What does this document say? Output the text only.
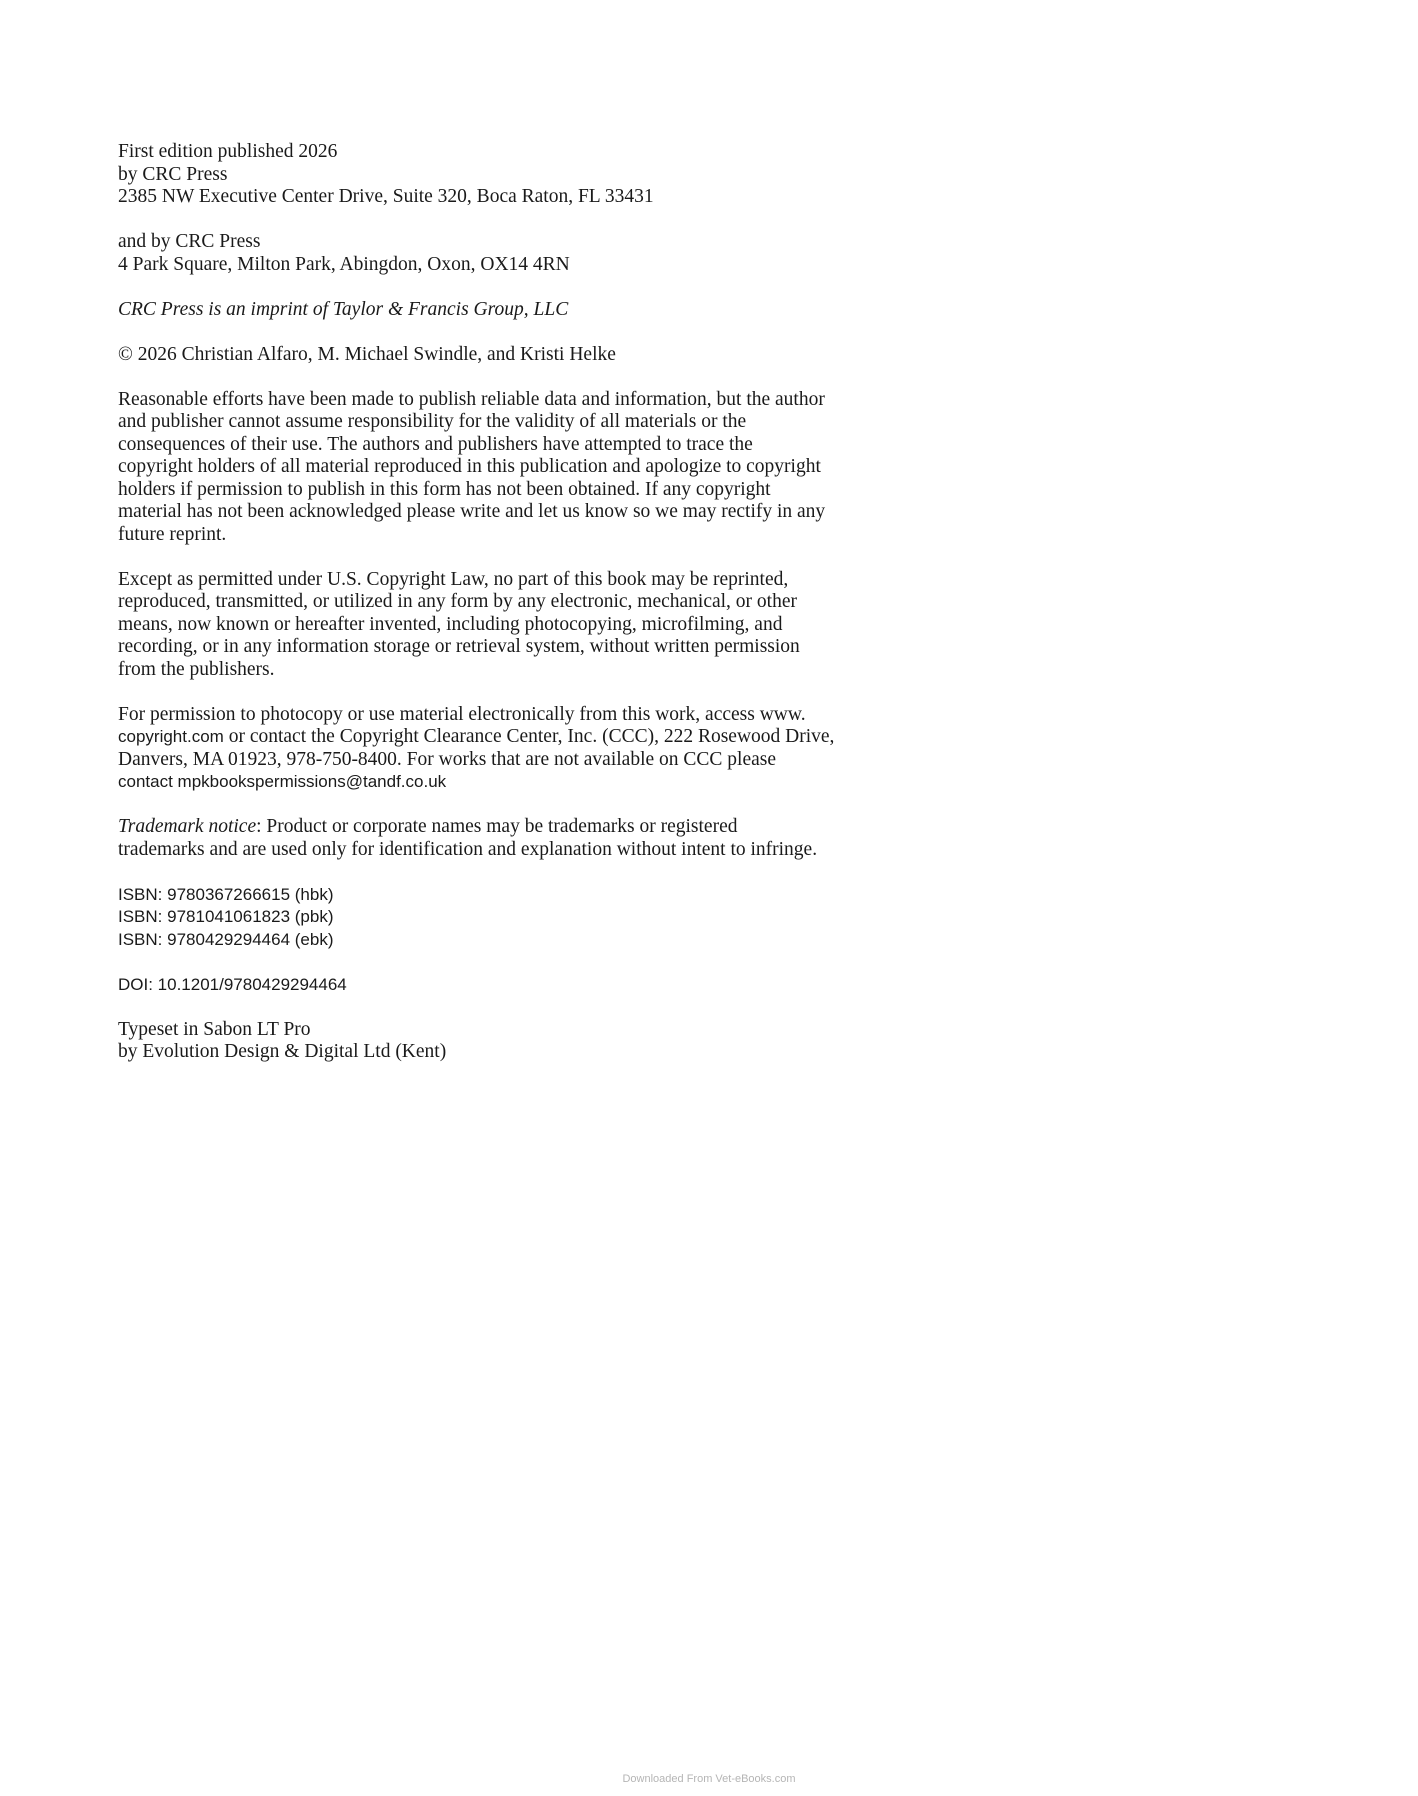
First edition published 2026
by CRC Press
2385 NW Executive Center Drive, Suite 320, Boca Raton, FL 33431
and by CRC Press
4 Park Square, Milton Park, Abingdon, Oxon, OX14 4RN
CRC Press is an imprint of Taylor & Francis Group, LLC
© 2026 Christian Alfaro, M. Michael Swindle, and Kristi Helke
Reasonable efforts have been made to publish reliable data and information, but the author
and publisher cannot assume responsibility for the validity of all materials or the
consequences of their use. The authors and publishers have attempted to trace the
copyright holders of all material reproduced in this publication and apologize to copyright
holders if permission to publish in this form has not been obtained. If any copyright
material has not been acknowledged please write and let us know so we may rectify in any
future reprint.
Except as permitted under U.S. Copyright Law, no part of this book may be reprinted,
reproduced, transmitted, or utilized in any form by any electronic, mechanical, or other
means, now known or hereafter invented, including photocopying, microfilming, and
recording, or in any information storage or retrieval system, without written permission
from the publishers.
For permission to photocopy or use material electronically from this work, access www.
copyright.com or contact the Copyright Clearance Center, Inc. (CCC), 222 Rosewood Drive,
Danvers, MA 01923, 978-750-8400. For works that are not available on CCC please
contact mpkbookspermissions@tandf.co.uk
Trademark notice: Product or corporate names may be trademarks or registered
trademarks and are used only for identification and explanation without intent to infringe.
ISBN: 9780367266615 (hbk)
ISBN: 9781041061823 (pbk)
ISBN: 9780429294464 (ebk)
DOI: 10.1201/9780429294464
Typeset in Sabon LT Pro
by Evolution Design & Digital Ltd (Kent)
Downloaded From Vet-eBooks.com
